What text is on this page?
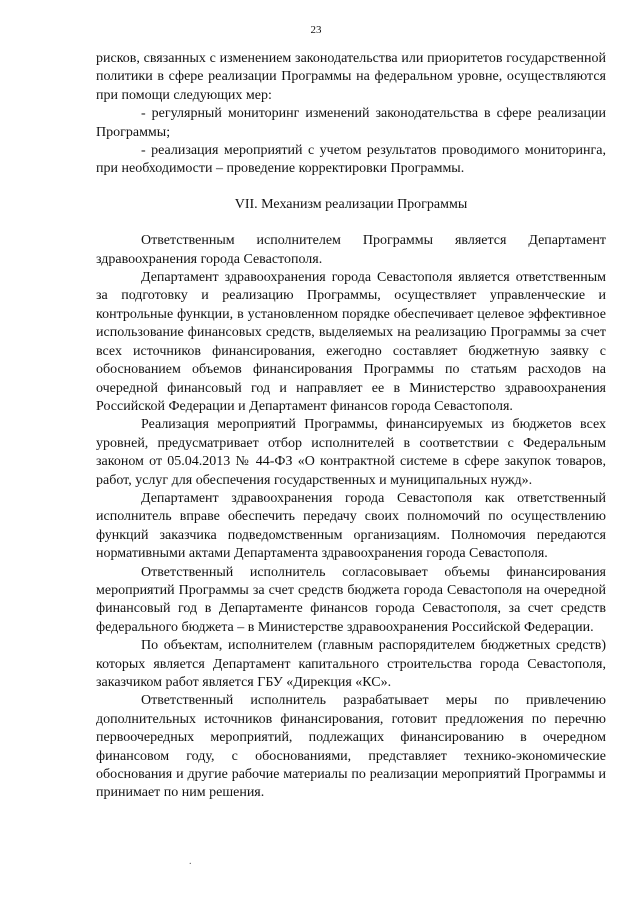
23

рисков, связанных с изменением законодательства или приоритетов государственной политики в сфере реализации Программы на федеральном уровне, осуществляются при помощи следующих мер:

- регулярный мониторинг изменений законодательства в сфере реализации Программы;

- реализация мероприятий с учетом результатов проводимого мониторинга, при необходимости – проведение корректировки Программы.

VII. Механизм реализации Программы

Ответственным исполнителем Программы является Департамент здравоохранения города Севастополя.

Департамент здравоохранения города Севастополя является ответственным за подготовку и реализацию Программы, осуществляет управленческие и контрольные функции, в установленном порядке обеспечивает целевое эффективное использование финансовых средств, выделяемых на реализацию Программы за счет всех источников финансирования, ежегодно составляет бюджетную заявку с обоснованием объемов финансирования Программы по статьям расходов на очередной финансовый год и направляет ее в Министерство здравоохранения Российской Федерации и Департамент финансов города Севастополя.

Реализация мероприятий Программы, финансируемых из бюджетов всех уровней, предусматривает отбор исполнителей в соответствии с Федеральным законом от 05.04.2013 № 44-ФЗ «О контрактной системе в сфере закупок товаров, работ, услуг для обеспечения государственных и муниципальных нужд».

Департамент здравоохранения города Севастополя как ответственный исполнитель вправе обеспечить передачу своих полномочий по осуществлению функций заказчика подведомственным организациям. Полномочия передаются нормативными актами Департамента здравоохранения города Севастополя.

Ответственный исполнитель согласовывает объемы финансирования мероприятий Программы за счет средств бюджета города Севастополя на очередной финансовый год в Департаменте финансов города Севастополя, за счет средств федерального бюджета – в Министерстве здравоохранения Российской Федерации.

По объектам, исполнителем (главным распорядителем бюджетных средств) которых является Департамент капитального строительства города Севастополя, заказчиком работ является ГБУ «Дирекция «КС».

Ответственный исполнитель разрабатывает меры по привлечению дополнительных источников финансирования, готовит предложения по перечню первоочередных мероприятий, подлежащих финансированию в очередном финансовом году, с обоснованиями, представляет технико-экономические обоснования и другие рабочие материалы по реализации мероприятий Программы и принимает по ним решения.

.
